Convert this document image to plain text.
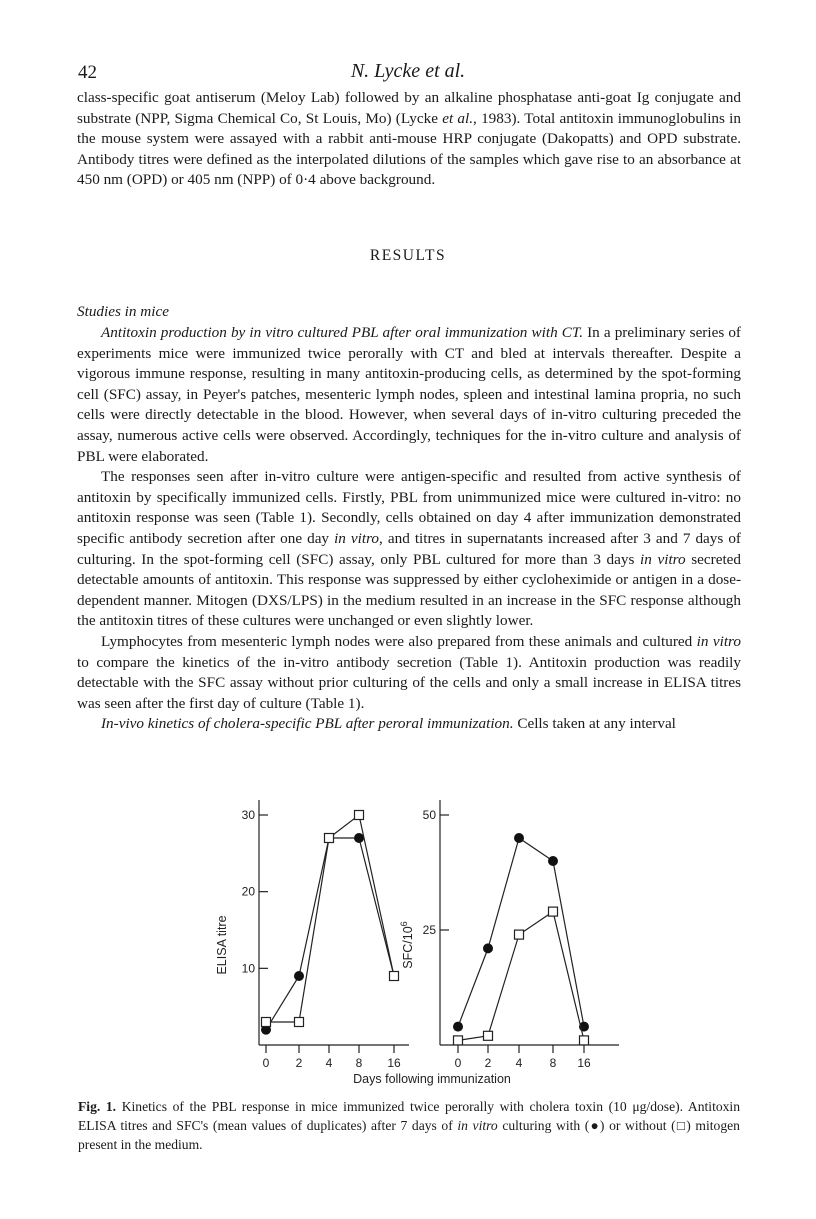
42	N. Lycke et al.

class-specific goat antiserum (Meloy Lab) followed by an alkaline phosphatase anti-goat Ig conjugate and substrate (NPP, Sigma Chemical Co, St Louis, Mo) (Lycke et al., 1983). Total antitoxin immunoglobulins in the mouse system were assayed with a rabbit anti-mouse HRP conjugate (Dakopatts) and OPD substrate. Antibody titres were defined as the interpolated dilutions of the samples which gave rise to an absorbance at 450 nm (OPD) or 405 nm (NPP) of 0·4 above background.

RESULTS
Studies in mice

Antitoxin production by in vitro cultured PBL after oral immunization with CT. In a preliminary series of experiments mice were immunized twice perorally with CT and bled at intervals thereafter. Despite a vigorous immune response, resulting in many antitoxin-producing cells, as determined by the spot-forming cell (SFC) assay, in Peyer's patches, mesenteric lymph nodes, spleen and intestinal lamina propria, no such cells were directly detectable in the blood. However, when several days of in-vitro culturing preceded the assay, numerous active cells were observed. Accordingly, techniques for the in-vitro culture and analysis of PBL were elaborated.

The responses seen after in-vitro culture were antigen-specific and resulted from active synthesis of antitoxin by specifically immunized cells. Firstly, PBL from unimmunized mice were cultured in-vitro: no antitoxin response was seen (Table 1). Secondly, cells obtained on day 4 after immunization demonstrated specific antibody secretion after one day in vitro, and titres in supernatants increased after 3 and 7 days of culturing. In the spot-forming cell (SFC) assay, only PBL cultured for more than 3 days in vitro secreted detectable amounts of antitoxin. This response was suppressed by either cycloheximide or antigen in a dose-dependent manner. Mitogen (DXS/LPS) in the medium resulted in an increase in the SFC response although the antitoxin titres of these cultures were unchanged or even slightly lower.

Lymphocytes from mesenteric lymph nodes were also prepared from these animals and cultured in vitro to compare the kinetics of the in-vitro antibody secretion (Table 1). Antitoxin production was readily detectable with the SFC assay without prior culturing of the cells and only a small increase in ELISA titres was seen after the first day of culture (Table 1).

In-vivo kinetics of cholera-specific PBL after peroral immunization. Cells taken at any interval

10
20
30
0 2 4 8 16
ELISA titre	25
50
0 2 4 8 16
SFC/$10^6$
Days following immunization
Fig. 1. Kinetics of the PBL response in mice immunized twice perorally with cholera toxin (10 μg/dose). Antitoxin ELISA titres and SFC's (mean values of duplicates) after 7 days of in vitro culturing with (●) or without (□) mitogen present in the medium.
